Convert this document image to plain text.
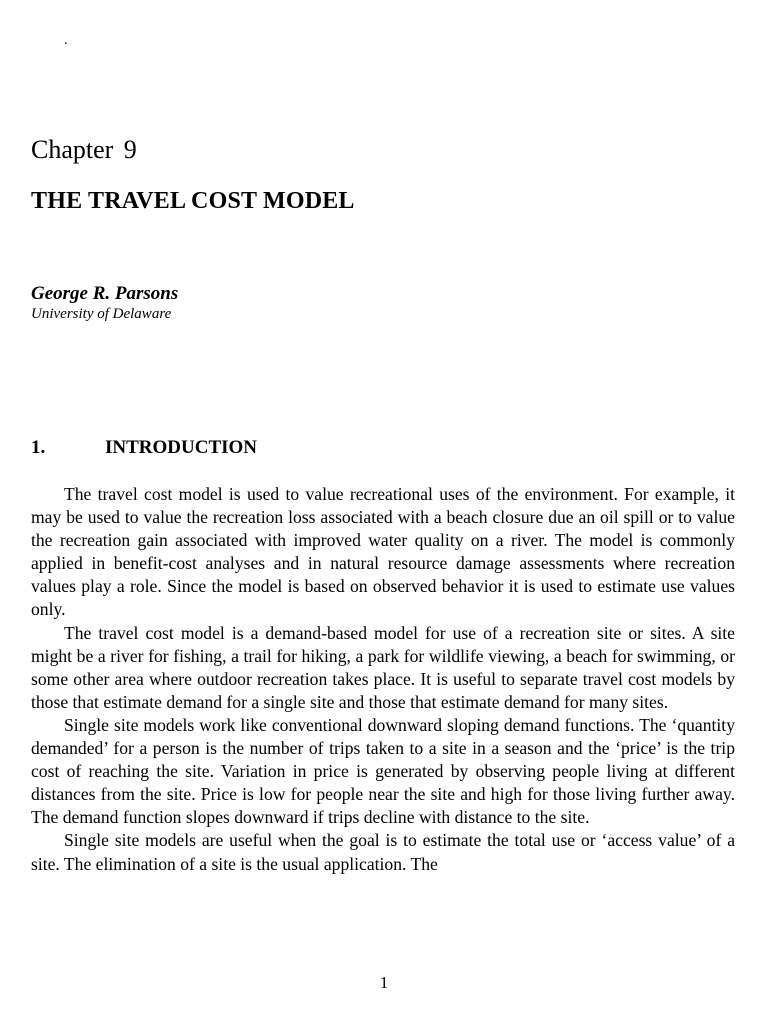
.
Chapter 9
THE TRAVEL COST MODEL
George R. Parsons
University of Delaware
1.	INTRODUCTION

The travel cost model is used to value recreational uses of the environment. For example, it may be used to value the recreation loss associated with a beach closure due an oil spill or to value the recreation gain associated with improved water quality on a river. The model is commonly applied in benefit-cost analyses and in natural resource damage assessments where recreation values play a role. Since the model is based on observed behavior it is used to estimate use values only.

The travel cost model is a demand-based model for use of a recreation site or sites. A site might be a river for fishing, a trail for hiking, a park for wildlife viewing, a beach for swimming, or some other area where outdoor recreation takes place. It is useful to separate travel cost models by those that estimate demand for a single site and those that estimate demand for many sites.

Single site models work like conventional downward sloping demand functions. The ‘quantity demanded’ for a person is the number of trips taken to a site in a season and the ‘price’ is the trip cost of reaching the site. Variation in price is generated by observing people living at different distances from the site. Price is low for people near the site and high for those living further away. The demand function slopes downward if trips decline with distance to the site.

Single site models are useful when the goal is to estimate the total use or ‘access value’ of a site. The elimination of a site is the usual application. The

1
